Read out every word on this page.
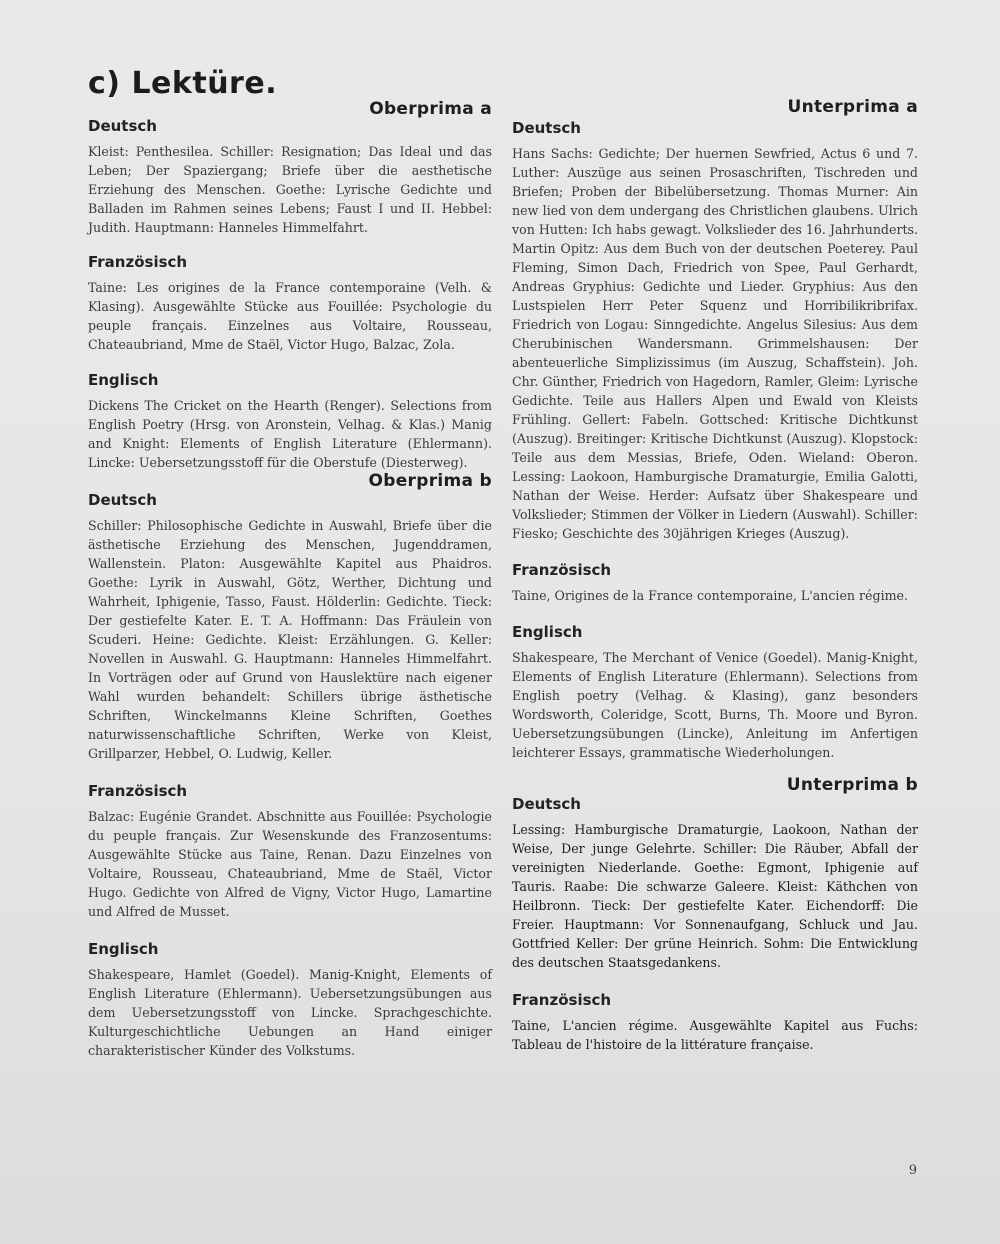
c) Lektüre.
Oberprima a
Deutsch

Kleist: Penthesilea. Schiller: Resignation; Das Ideal und das Leben; Der Spaziergang; Briefe über die aesthetische Erziehung des Menschen. Goethe: Lyrische Gedichte und Balladen im Rahmen seines Lebens; Faust I und II. Hebbel: Judith. Hauptmann: Hanneles Himmelfahrt.

Französisch

Taine: Les origines de la France contemporaine (Velh. & Klasing). Ausgewählte Stücke aus Fouillée: Psychologie du peuple français. Einzelnes aus Voltaire, Rousseau, Chateaubriand, Mme de Staël, Victor Hugo, Balzac, Zola.

Englisch

Dickens The Cricket on the Hearth (Renger). Selections from English Poetry (Hrsg. von Aronstein, Velhag. & Klas.) Manig and Knight: Elements of English Literature (Ehlermann). Lincke: Uebersetzungsstoff für die Oberstufe (Diesterweg).

Oberprima b
Deutsch

Schiller: Philosophische Gedichte in Auswahl, Briefe über die ästhetische Erziehung des Menschen, Jugenddramen, Wallenstein. Platon: Ausgewählte Kapitel aus Phaidros. Goethe: Lyrik in Auswahl, Götz, Werther, Dichtung und Wahrheit, Iphigenie, Tasso, Faust. Hölderlin: Gedichte. Tieck: Der gestiefelte Kater. E. T. A. Hoffmann: Das Fräulein von Scuderi. Heine: Gedichte. Kleist: Erzählungen. G. Keller: Novellen in Auswahl. G. Hauptmann: Hanneles Himmelfahrt. In Vorträgen oder auf Grund von Hauslektüre nach eigener Wahl wurden behandelt: Schillers übrige ästhetische Schriften, Winckelmanns Kleine Schriften, Goethes naturwissenschaftliche Schriften, Werke von Kleist, Grillparzer, Hebbel, O. Ludwig, Keller.

Französisch

Balzac: Eugénie Grandet. Abschnitte aus Fouillée: Psychologie du peuple français. Zur Wesenskunde des Franzosentums: Ausgewählte Stücke aus Taine, Renan. Dazu Einzelnes von Voltaire, Rousseau, Chateaubriand, Mme de Staël, Victor Hugo. Gedichte von Alfred de Vigny, Victor Hugo, Lamartine und Alfred de Musset.

Englisch

Shakespeare, Hamlet (Goedel). Manig-Knight, Elements of English Literature (Ehlermann). Uebersetzungsübungen aus dem Uebersetzungsstoff von Lincke. Sprachgeschichte. Kulturgeschichtliche Uebungen an Hand einiger charakteristischer Künder des Volkstums.

Unterprima a
Deutsch

Hans Sachs: Gedichte; Der huernen Sewfried, Actus 6 und 7. Luther: Auszüge aus seinen Prosaschriften, Tischreden und Briefen; Proben der Bibelübersetzung. Thomas Murner: Ain new lied von dem undergang des Christlichen glaubens. Ulrich von Hutten: Ich habs gewagt. Volkslieder des 16. Jahrhunderts. Martin Opitz: Aus dem Buch von der deutschen Poeterey. Paul Fleming, Simon Dach, Friedrich von Spee, Paul Gerhardt, Andreas Gryphius: Gedichte und Lieder. Gryphius: Aus den Lustspielen Herr Peter Squenz und Horribilikribrifax. Friedrich von Logau: Sinngedichte. Angelus Silesius: Aus dem Cherubinischen Wandersmann. Grimmelshausen: Der abenteuerliche Simplizissimus (im Auszug, Schaffstein). Joh. Chr. Günther, Friedrich von Hagedorn, Ramler, Gleim: Lyrische Gedichte. Teile aus Hallers Alpen und Ewald von Kleists Frühling. Gellert: Fabeln. Gottsched: Kritische Dichtkunst (Auszug). Breitinger: Kritische Dichtkunst (Auszug). Klopstock: Teile aus dem Messias, Briefe, Oden. Wieland: Oberon. Lessing: Laokoon, Hamburgische Dramaturgie, Emilia Galotti, Nathan der Weise. Herder: Aufsatz über Shakespeare und Volkslieder; Stimmen der Völker in Liedern (Auswahl). Schiller: Fiesko; Geschichte des 30jährigen Krieges (Auszug).

Französisch

Taine, Origines de la France contemporaine, L'ancien régime.

Englisch

Shakespeare, The Merchant of Venice (Goedel). Manig-Knight, Elements of English Literature (Ehlermann). Selections from English poetry (Velhag. & Klasing), ganz besonders Wordsworth, Coleridge, Scott, Burns, Th. Moore und Byron. Uebersetzungsübungen (Lincke), Anleitung im Anfertigen leichterer Essays, grammatische Wiederholungen.

Unterprima b
Deutsch

Lessing: Hamburgische Dramaturgie, Laokoon, Nathan der Weise, Der junge Gelehrte. Schiller: Die Räuber, Abfall der vereinigten Niederlande. Goethe: Egmont, Iphigenie auf Tauris. Raabe: Die schwarze Galeere. Kleist: Käthchen von Heilbronn. Tieck: Der gestiefelte Kater. Eichendorff: Die Freier. Hauptmann: Vor Sonnenaufgang, Schluck und Jau. Gottfried Keller: Der grüne Heinrich. Sohm: Die Entwicklung des deutschen Staatsgedankens.

Französisch

Taine, L'ancien régime. Ausgewählte Kapitel aus Fuchs: Tableau de l'histoire de la littérature française.

9
